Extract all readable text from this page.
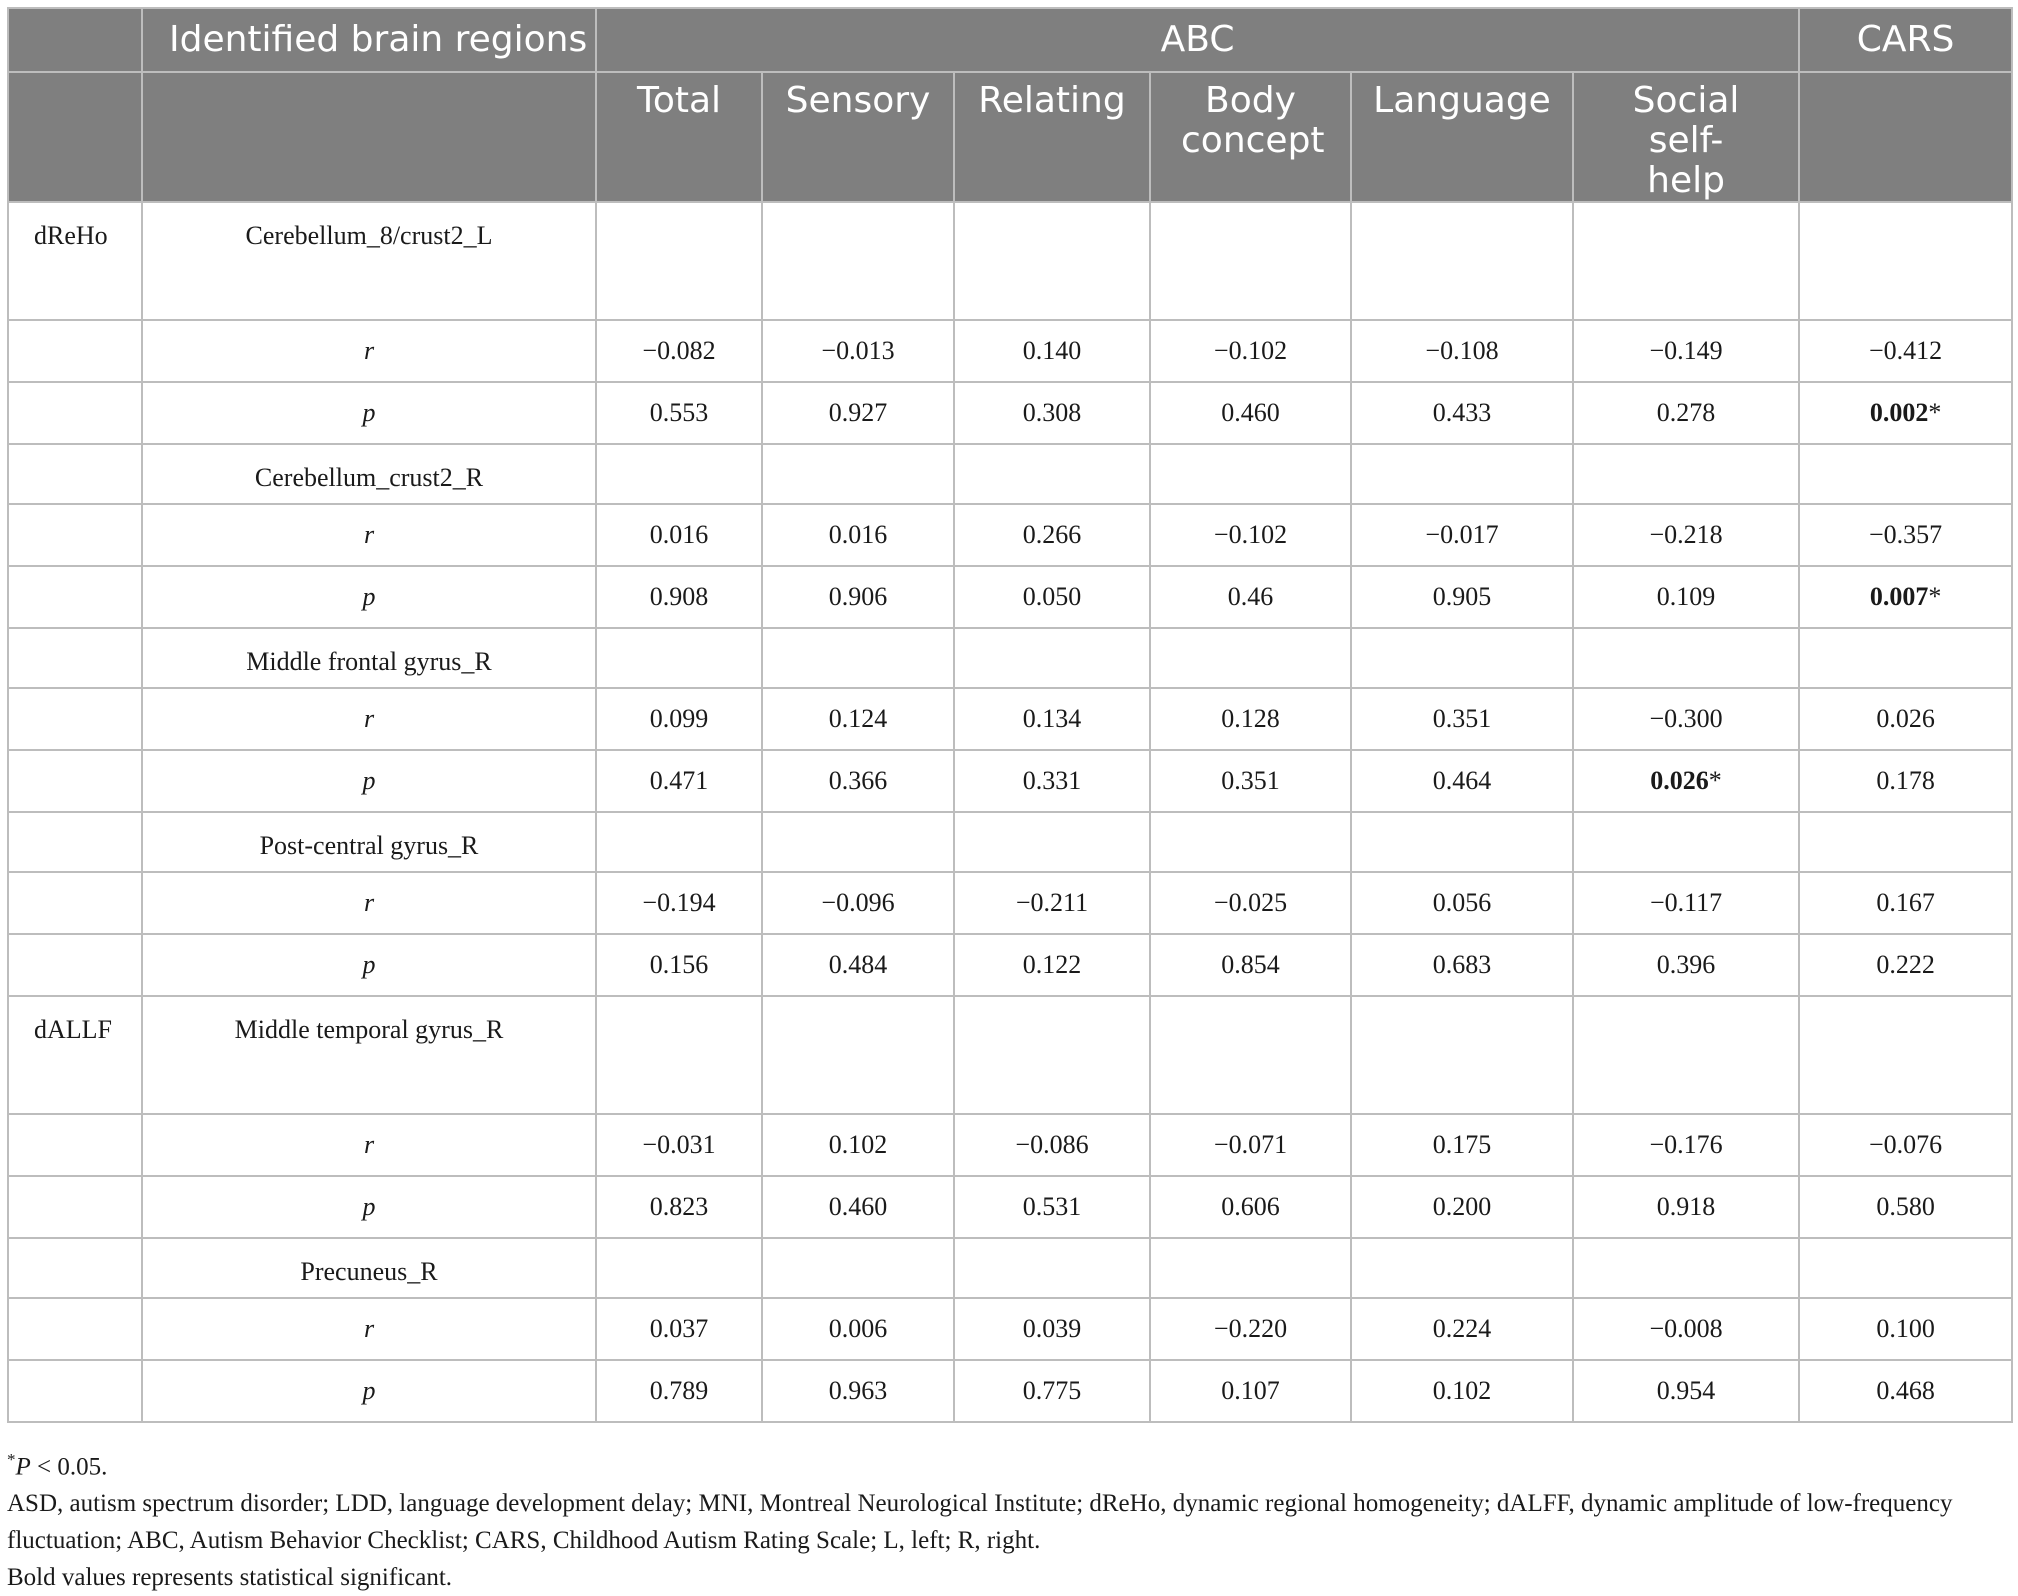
	Identified brain regions	ABC						CARS
		Total	Sensory	Relating	Body concept	Language	Social self-help	
dReHo	Cerebellum_8/crust2_L							
	r	−0.082	−0.013	0.140	−0.102	−0.108	−0.149	−0.412
	p	0.553	0.927	0.308	0.460	0.433	0.278	0.002*
	Cerebellum_crust2_R							
	r	0.016	0.016	0.266	−0.102	−0.017	−0.218	−0.357
	p	0.908	0.906	0.050	0.46	0.905	0.109	0.007*
	Middle frontal gyrus_R							
	r	0.099	0.124	0.134	0.128	0.351	−0.300	0.026
	p	0.471	0.366	0.331	0.351	0.464	0.026*	0.178
	Post-central gyrus_R							
	r	−0.194	−0.096	−0.211	−0.025	0.056	−0.117	0.167
	p	0.156	0.484	0.122	0.854	0.683	0.396	0.222
dALLF	Middle temporal gyrus_R							
	r	−0.031	0.102	−0.086	−0.071	0.175	−0.176	−0.076
	p	0.823	0.460	0.531	0.606	0.200	0.918	0.580
	Precuneus_R							
	r	0.037	0.006	0.039	−0.220	0.224	−0.008	0.100
	p	0.789	0.963	0.775	0.107	0.102	0.954	0.468

*P < 0.05.

ASD, autism spectrum disorder; LDD, language development delay; MNI, Montreal Neurological Institute; dReHo, dynamic regional homogeneity; dALFF, dynamic amplitude of low-frequency fluctuation; ABC, Autism Behavior Checklist; CARS, Childhood Autism Rating Scale; L, left; R, right.

Bold values represents statistical significant.
